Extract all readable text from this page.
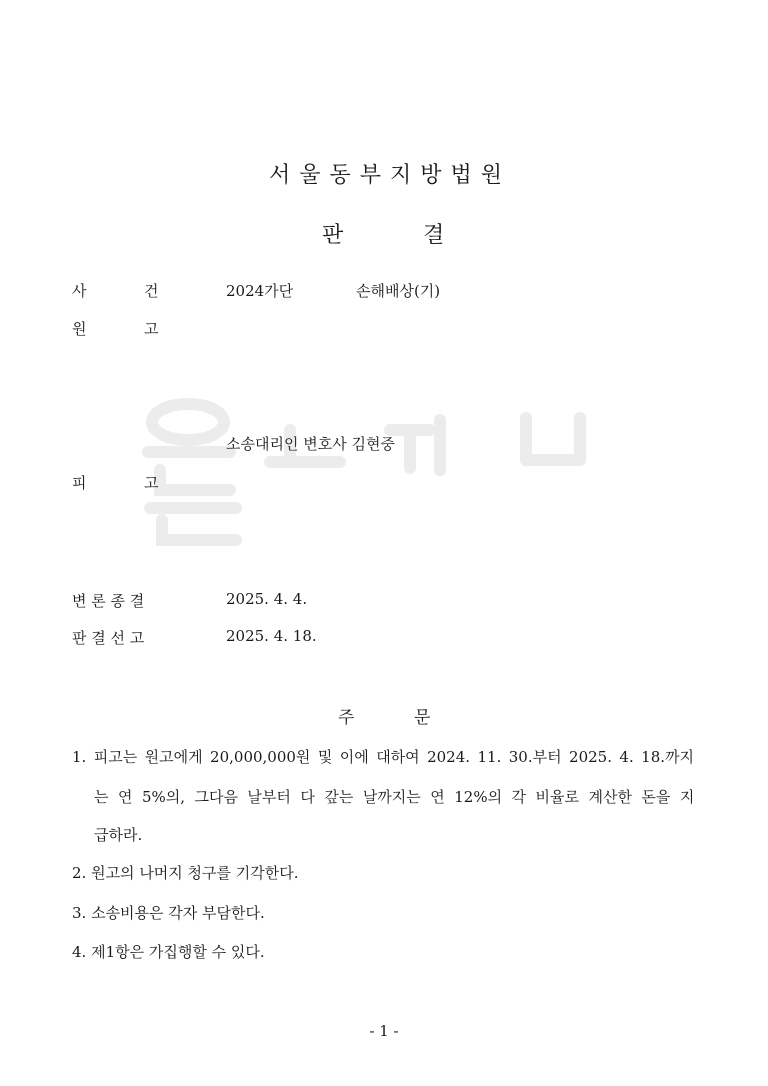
서울동부지방법원
판	결
사	건	2024가단	손해배상(기)
원	고
소송대리인 변호사 김현중
피	고
변 론 종 결	2025. 4. 4.
판 결 선 고	2025. 4. 18.
주	문
1. 피고는 원고에게 20,000,000원 및 이에 대하여 2024. 11. 30.부터 2025. 4. 18.까지
는 연 5%의, 그다음 날부터 다 갚는 날까지는 연 12%의 각 비율로 계산한 돈을 지
급하라.
2. 원고의 나머지 청구를 기각한다.
3. 소송비용은 각자 부담한다.
4. 제1항은 가집행할 수 있다.
- 1 -
